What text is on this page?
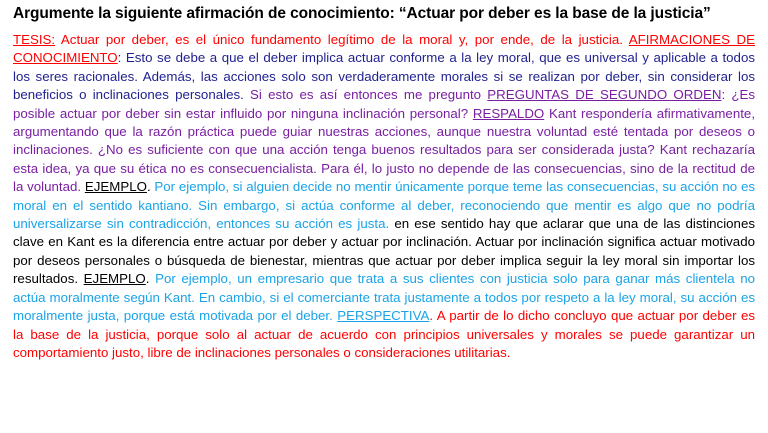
Argumente la siguiente afirmación de conocimiento: “Actuar por deber es la base de la justicia”

TESIS: Actuar por deber, es el único fundamento legítimo de la moral y, por ende, de la justicia. AFIRMACIONES DE CONOCIMIENTO: Esto se debe a que el deber implica actuar conforme a la ley moral, que es universal y aplicable a todos los seres racionales. Además, las acciones solo son verdaderamente morales si se realizan por deber, sin considerar los beneficios o inclinaciones personales. Si esto es así entonces me pregunto PREGUNTAS DE SEGUNDO ORDEN: ¿Es posible actuar por deber sin estar influido por ninguna inclinación personal? RESPALDO Kant respondería afirmativamente, argumentando que la razón práctica puede guiar nuestras acciones, aunque nuestra voluntad esté tentada por deseos o inclinaciones. ¿No es suficiente con que una acción tenga buenos resultados para ser considerada justa? Kant rechazaría esta idea, ya que su ética no es consecuencialista. Para él, lo justo no depende de las consecuencias, sino de la rectitud de la voluntad. EJEMPLO. Por ejemplo, si alguien decide no mentir únicamente porque teme las consecuencias, su acción no es moral en el sentido kantiano. Sin embargo, si actúa conforme al deber, reconociendo que mentir es algo que no podría universalizarse sin contradicción, entonces su acción es justa. en ese sentido hay que aclarar que una de las distinciones clave en Kant es la diferencia entre actuar por deber y actuar por inclinación. Actuar por inclinación significa actuar motivado por deseos personales o búsqueda de bienestar, mientras que actuar por deber implica seguir la ley moral sin importar los resultados. EJEMPLO. Por ejemplo, un empresario que trata a sus clientes con justicia solo para ganar más clientela no actúa moralmente según Kant. En cambio, si el comerciante trata justamente a todos por respeto a la ley moral, su acción es moralmente justa, porque está motivada por el deber. PERSPECTIVA. A partir de lo dicho concluyo que actuar por deber es la base de la justicia, porque solo al actuar de acuerdo con principios universales y morales se puede garantizar un comportamiento justo, libre de inclinaciones personales o consideraciones utilitarias.
